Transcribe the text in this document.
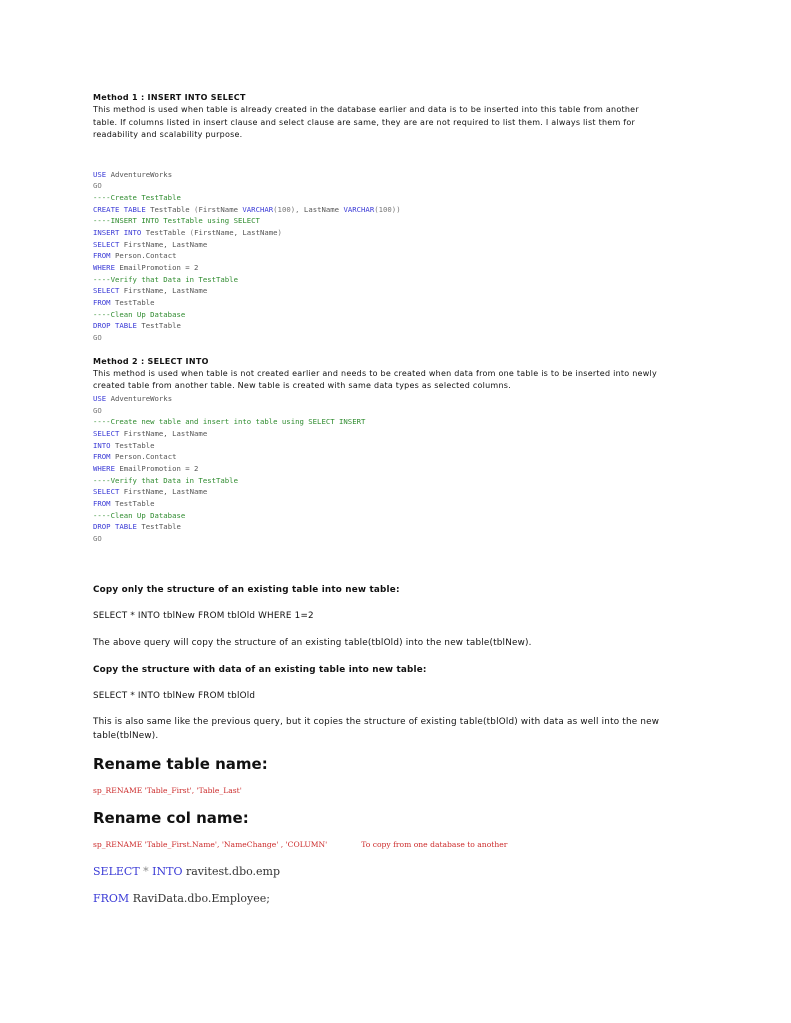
Method 1 : INSERT INTO SELECT

This method is used when table is already created in the database earlier and data is to be inserted into this table from another
table. If columns listed in insert clause and select clause are same, they are are not required to list them. I always list them for
readability and scalability purpose.

USE AdventureWorks
GO
----Create TestTable
CREATE TABLE TestTable (FirstName VARCHAR(100), LastName VARCHAR(100))
----INSERT INTO TestTable using SELECT
INSERT INTO TestTable (FirstName, LastName)
SELECT FirstName, LastName
FROM Person.Contact
WHERE EmailPromotion = 2
----Verify that Data in TestTable
SELECT FirstName, LastName
FROM TestTable
----Clean Up Database
DROP TABLE TestTable
GO

Method 2 : SELECT INTO

This method is used when table is not created earlier and needs to be created when data from one table is to be inserted into newly
created table from another table. New table is created with same data types as selected columns.

USE AdventureWorks
GO
----Create new table and insert into table using SELECT INSERT
SELECT FirstName, LastName
INTO TestTable
FROM Person.Contact
WHERE EmailPromotion = 2
----Verify that Data in TestTable
SELECT FirstName, LastName
FROM TestTable
----Clean Up Database
DROP TABLE TestTable
GO

Copy only the structure of an existing table into new table:

SELECT * INTO tblNew FROM tblOld WHERE 1=2

The above query will copy the structure of an existing table(tblOld) into the new table(tblNew).

Copy the structure with data of an existing table into new table:

SELECT * INTO tblNew FROM tblOld

This is also same like the previous query, but it copies the structure of existing table(tblOld) with data as well into the new
table(tblNew).

Rename table name:

sp_RENAME 'Table_First', 'Table_Last'

Rename col name:

sp_RENAME 'Table_First.Name', 'NameChange' , 'COLUMN'	To copy from one database to another

SELECT * INTO ravitest.dbo.emp

FROM RaviData.dbo.Employee;
